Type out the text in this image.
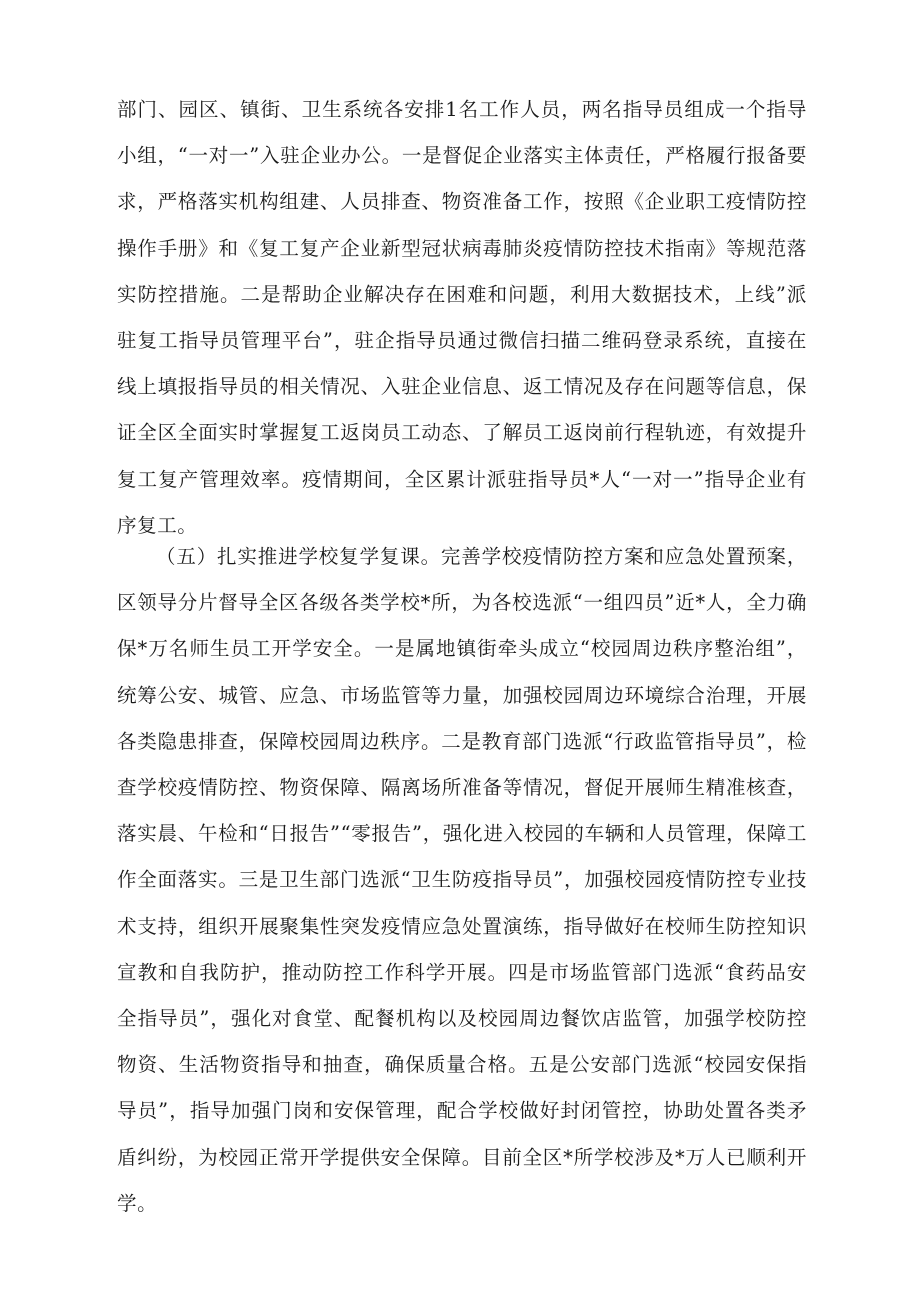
部门、园区、镇街、卫生系统各安排1名工作人员，两名指导员组成一个指导小组，“一对一”入驻企业办公。一是督促企业落实主体责任，严格履行报备要求，严格落实机构组建、人员排查、物资准备工作，按照《企业职工疫情防控操作手册》和《复工复产企业新型冠状病毒肺炎疫情防控技术指南》等规范落实防控措施。二是帮助企业解决存在困难和问题，利用大数据技术，上线”派驻复工指导员管理平台”，驻企指导员通过微信扫描二维码登录系统，直接在线上填报指导员的相关情况、入驻企业信息、返工情况及存在问题等信息，保证全区全面实时掌握复工返岗员工动态、了解员工返岗前行程轨迹，有效提升复工复产管理效率。疫情期间，全区累计派驻指导员*人“一对一”指导企业有序复工。

（五）扎实推进学校复学复课。完善学校疫情防控方案和应急处置预案，区领导分片督导全区各级各类学校*所，为各校选派“一组四员”近*人，全力确保*万名师生员工开学安全。一是属地镇街牵头成立“校园周边秩序整治组”，统筹公安、城管、应急、市场监管等力量，加强校园周边环境综合治理，开展各类隐患排查，保障校园周边秩序。二是教育部门选派“行政监管指导员”，检查学校疫情防控、物资保障、隔离场所准备等情况，督促开展师生精准核查，落实晨、午检和“日报告”“零报告”，强化进入校园的车辆和人员管理，保障工作全面落实。三是卫生部门选派“卫生防疫指导员”，加强校园疫情防控专业技术支持，组织开展聚集性突发疫情应急处置演练，指导做好在校师生防控知识宣教和自我防护，推动防控工作科学开展。四是市场监管部门选派“食药品安全指导员”，强化对食堂、配餐机构以及校园周边餐饮店监管，加强学校防控物资、生活物资指导和抽查，确保质量合格。五是公安部门选派“校园安保指导员”，指导加强门岗和安保管理，配合学校做好封闭管控，协助处置各类矛盾纠纷，为校园正常开学提供安全保障。目前全区*所学校涉及*万人已顺利开学。
